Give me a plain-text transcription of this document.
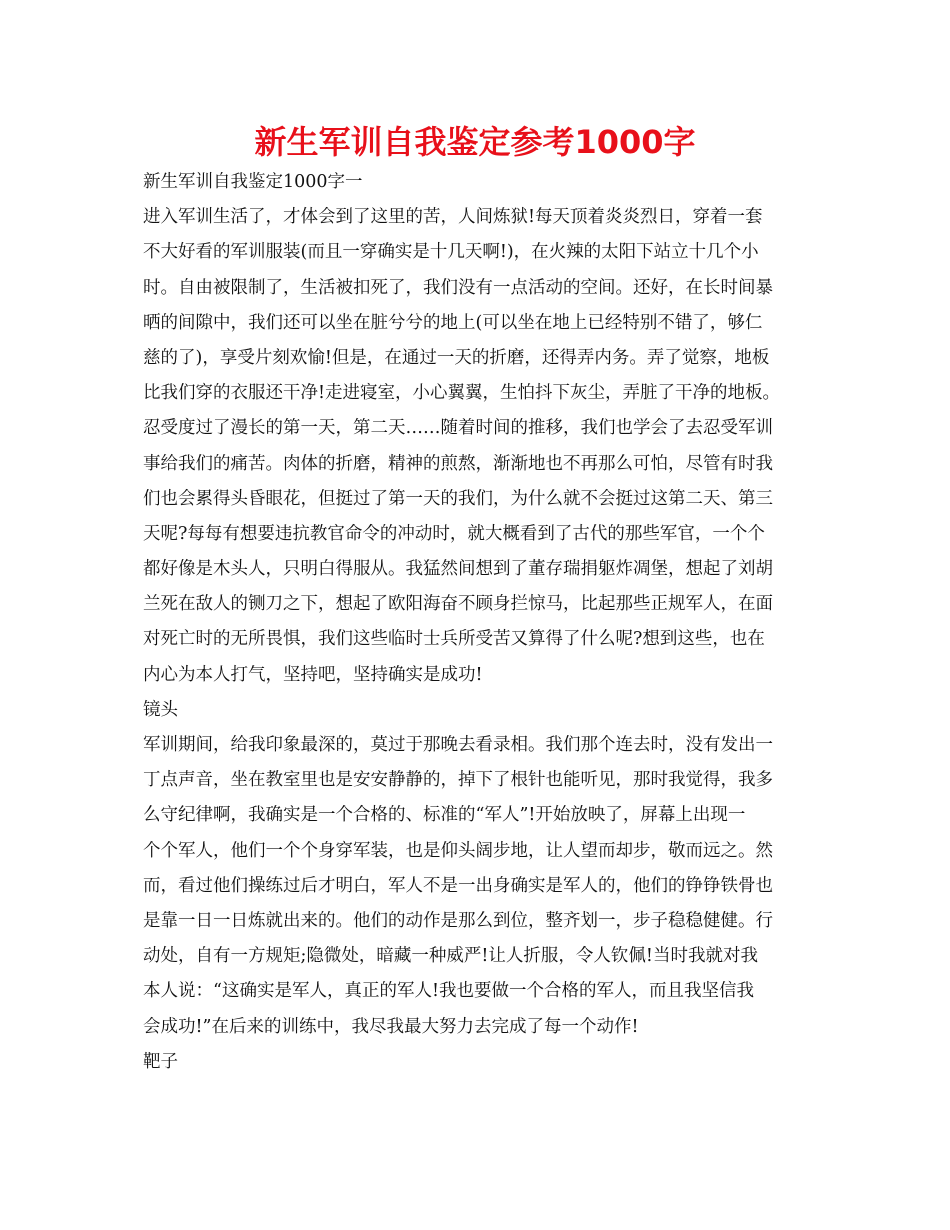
新生军训自我鉴定参考1000字
新生军训自我鉴定1000字一
进入军训生活了，才体会到了这里的苦，人间炼狱!每天顶着炎炎烈日，穿着一套
不大好看的军训服装(而且一穿确实是十几天啊!)，在火辣的太阳下站立十几个小
时。自由被限制了，生活被扣死了，我们没有一点活动的空间。还好，在长时间暴
晒的间隙中，我们还可以坐在脏兮兮的地上(可以坐在地上已经特别不错了，够仁
慈的了)，享受片刻欢愉!但是，在通过一天的折磨，还得弄内务。弄了觉察，地板
比我们穿的衣服还干净!走进寝室，小心翼翼，生怕抖下灰尘，弄脏了干净的地板。
忍受度过了漫长的第一天，第二天……随着时间的推移，我们也学会了去忍受军训
事给我们的痛苦。肉体的折磨，精神的煎熬，渐渐地也不再那么可怕，尽管有时我
们也会累得头昏眼花，但挺过了第一天的我们，为什么就不会挺过这第二天、第三
天呢?每每有想要违抗教官命令的冲动时，就大概看到了古代的那些军官，一个个
都好像是木头人，只明白得服从。我猛然间想到了董存瑞捐躯炸凋堡，想起了刘胡
兰死在敌人的铡刀之下，想起了欧阳海奋不顾身拦惊马，比起那些正规军人，在面
对死亡时的无所畏惧，我们这些临时士兵所受苦又算得了什么呢?想到这些，也在
内心为本人打气，坚持吧，坚持确实是成功!
镜头
军训期间，给我印象最深的，莫过于那晚去看录相。我们那个连去时，没有发出一
丁点声音，坐在教室里也是安安静静的，掉下了根针也能听见，那时我觉得，我多
么守纪律啊，我确实是一个合格的、标准的“军人”!开始放映了，屏幕上出现一
个个军人，他们一个个身穿军装，也是仰头阔步地，让人望而却步，敬而远之。然
而，看过他们操练过后才明白，军人不是一出身确实是军人的，他们的铮铮铁骨也
是靠一日一日炼就出来的。他们的动作是那么到位，整齐划一，步子稳稳健健。行
动处，自有一方规矩;隐微处，暗藏一种威严!让人折服，令人钦佩!当时我就对我
本人说：“这确实是军人，真正的军人!我也要做一个合格的军人，而且我坚信我
会成功!”在后来的训练中，我尽我最大努力去完成了每一个动作!
靶子
